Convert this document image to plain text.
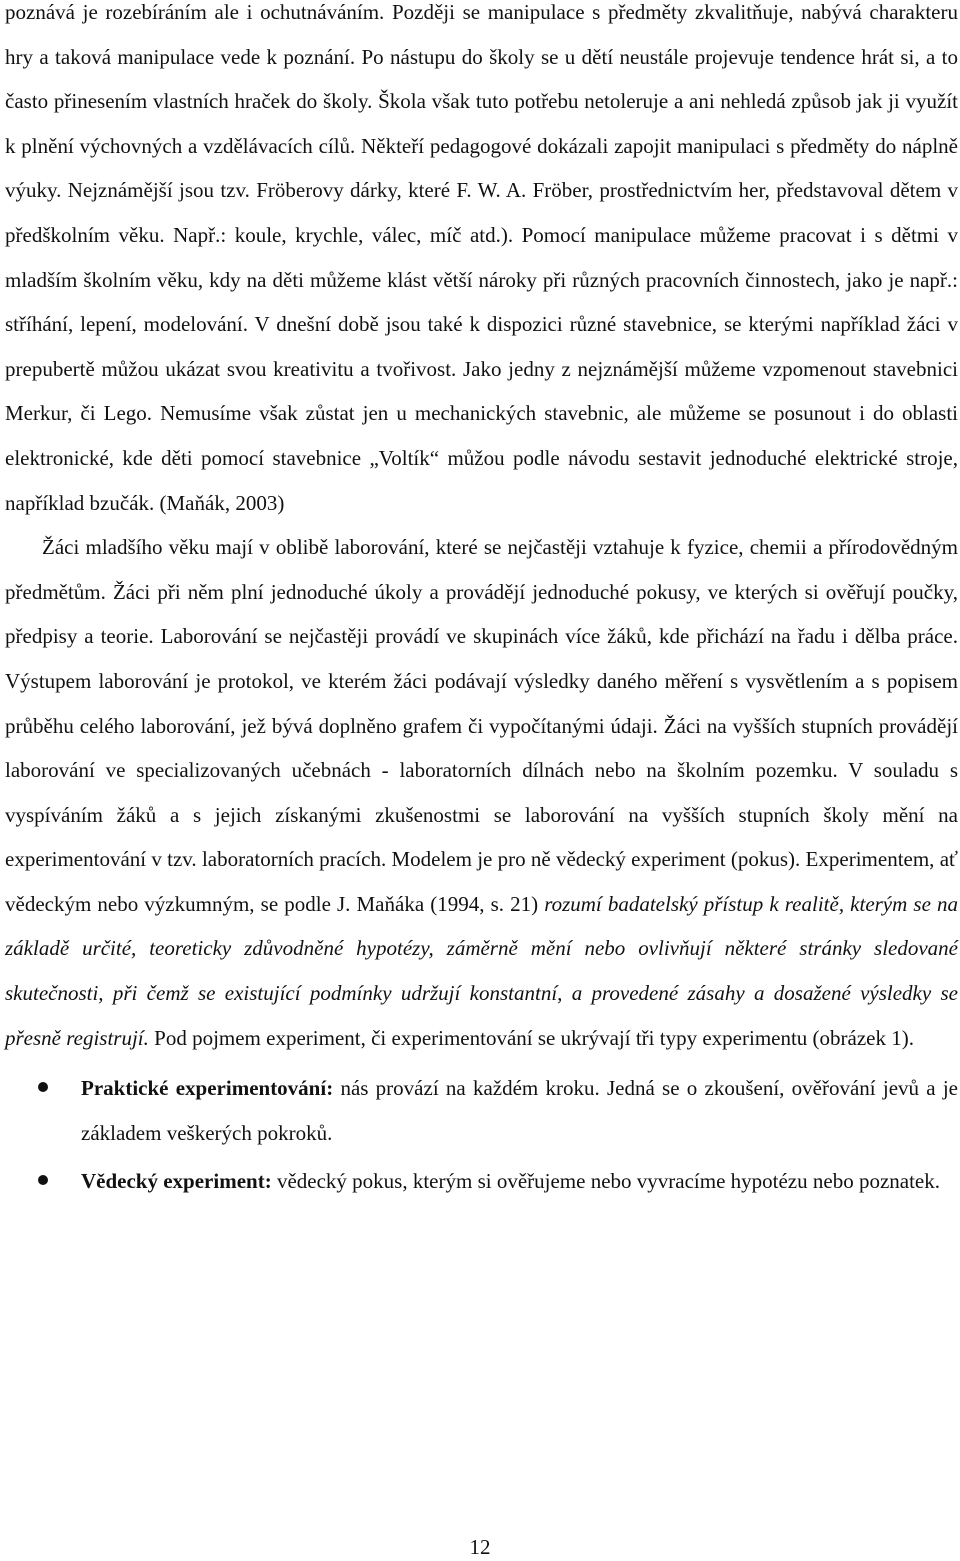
poznává je rozebíráním ale i ochutnáváním. Později se manipulace s předměty zkvalitňuje, nabývá charakteru hry a taková manipulace vede k poznání. Po nástupu do školy se u dětí neustále projevuje tendence hrát si, a to často přinesením vlastních hraček do školy. Škola však tuto potřebu netoleruje a ani nehledá způsob jak ji využít k plnění výchovných a vzdělávacích cílů. Někteří pedagogové dokázali zapojit manipulaci s předměty do náplně výuky. Nejznámější jsou tzv. Fröberovy dárky, které F. W. A. Fröber, prostřednictvím her, představoval dětem v předškolním věku. Např.: koule, krychle, válec, míč atd.). Pomocí manipulace můžeme pracovat i s dětmi v mladším školním věku, kdy na děti můžeme klást větší nároky při různých pracovních činnostech, jako je např.: stříhání, lepení, modelování. V dnešní době jsou také k dispozici různé stavebnice, se kterými například žáci v prepubertě můžou ukázat svou kreativitu a tvořivost. Jako jedny z nejznámější můžeme vzpomenout stavebnici Merkur, či Lego. Nemusíme však zůstat jen u mechanických stavebnic, ale můžeme se posunout i do oblasti elektronické, kde děti pomocí stavebnice „Voltík“ můžou podle návodu sestavit jednoduché elektrické stroje, například bzučák. (Maňák, 2003)

Žáci mladšího věku mají v oblibě laborování, které se nejčastěji vztahuje k fyzice, chemii a přírodovědným předmětům. Žáci při něm plní jednoduché úkoly a provádějí jednoduché pokusy, ve kterých si ověřují poučky, předpisy a teorie. Laborování se nejčastěji provádí ve skupinách více žáků, kde přichází na řadu i dělba práce. Výstupem laborování je protokol, ve kterém žáci podávají výsledky daného měření s vysvětlením a s popisem průběhu celého laborování, jež bývá doplněno grafem či vypočítanými údaji. Žáci na vyšších stupních provádějí laborování ve specializovaných učebnách - laboratorních dílnách nebo na školním pozemku. V souladu s vyspíváním žáků a s jejich získanými zkušenostmi se laborování na vyšších stupních školy mění na experimentování v tzv. laboratorních pracích. Modelem je pro ně vědecký experiment (pokus). Experimentem, ať vědeckým nebo výzkumným, se podle J. Maňáka (1994, s. 21) rozumí badatelský přístup k realitě, kterým se na základě určité, teoreticky zdůvodněné hypotézy, záměrně mění nebo ovlivňují některé stránky sledované skutečnosti, při čemž se existující podmínky udržují konstantní, a provedené zásahy a dosažené výsledky se přesně registrují. Pod pojmem experiment, či experimentování se ukrývají tři typy experimentu (obrázek 1).

Praktické experimentování: nás provází na každém kroku. Jedná se o zkoušení, ověřování jevů a je základem veškerých pokroků.
Vědecký experiment: vědecký pokus, kterým si ověřujeme nebo vyvracíme hypotézu nebo poznatek.
12
